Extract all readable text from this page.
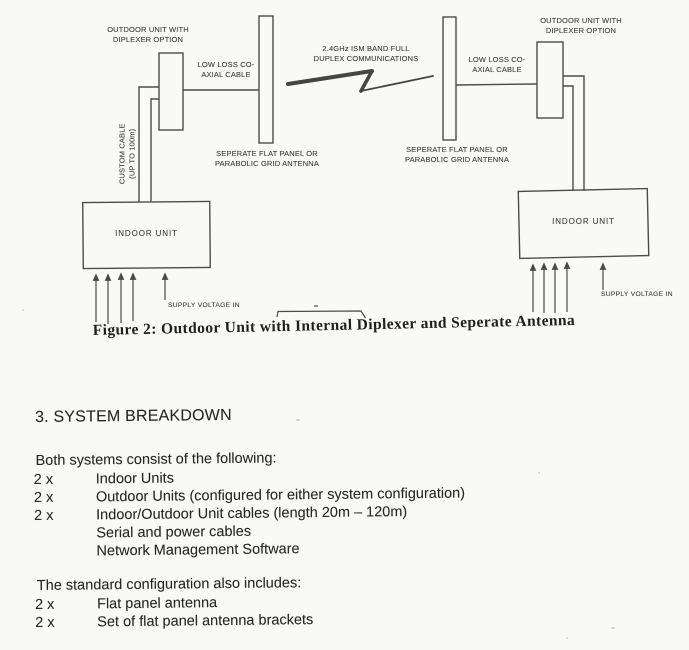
OUTDOOR UNIT WITH
DIPLEXER OPTION
LOW LOSS CO-
AXIAL CABLE
SEPERATE FLAT PANEL OR
PARABOLIC GRID ANTENNA
CUSTOM CABLE (UP TO 100m)
INDOOR UNIT
SUPPLY VOLTAGE IN
2.4GHz ISM BAND FULL
DUPLEX COMMUNICATIONS
OUTDOOR UNIT WITH
DIPLEXER OPTION
LOW LOSS CO-
AXIAL CABLE
SEPERATE FLAT PANEL OR
PARABOLIC GRID ANTENNA
INDOOR UNIT
SUPPLY VOLTAGE IN
Figure 2: Outdoor Unit with Internal Diplexer and Seperate Antenna
3. SYSTEM BREAKDOWN
Both systems consist of the following:
2 x	Indoor Units
2 x	Outdoor Units (configured for either system configuration)
2 x	Indoor/Outdoor Unit cables (length 20m – 120m)
Serial and power cables
Network Management Software
The standard configuration also includes:
2 x	Flat panel antenna
2 x	Set of flat panel antenna brackets
